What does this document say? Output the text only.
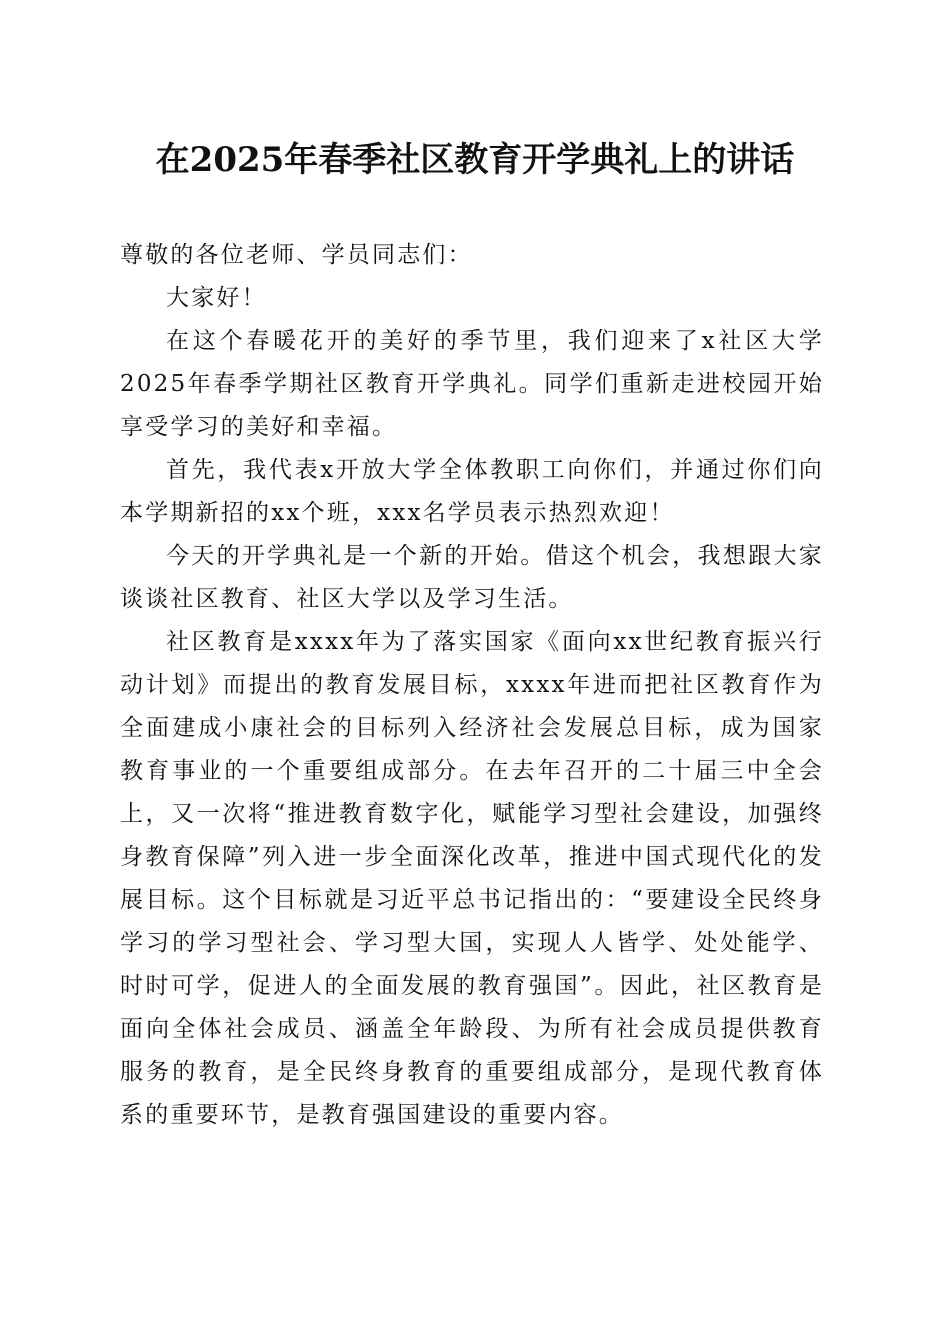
在2025年春季社区教育开学典礼上的讲话

尊敬的各位老师、学员同志们：

大家好！

在这个春暖花开的美好的季节里，我们迎来了x社区大学2025年春季学期社区教育开学典礼。同学们重新走进校园开始享受学习的美好和幸福。

首先，我代表x开放大学全体教职工向你们，并通过你们向本学期新招的xx个班，xxx名学员表示热烈欢迎！

今天的开学典礼是一个新的开始。借这个机会，我想跟大家谈谈社区教育、社区大学以及学习生活。

社区教育是xxxx年为了落实国家《面向xx世纪教育振兴行动计划》而提出的教育发展目标，xxxx年进而把社区教育作为全面建成小康社会的目标列入经济社会发展总目标，成为国家教育事业的一个重要组成部分。在去年召开的二十届三中全会上，又一次将“推进教育数字化，赋能学习型社会建设，加强终身教育保障”列入进一步全面深化改革，推进中国式现代化的发展目标。这个目标就是习近平总书记指出的：“要建设全民终身学习的学习型社会、学习型大国，实现人人皆学、处处能学、时时可学，促进人的全面发展的教育强国”。因此，社区教育是面向全体社会成员、涵盖全年龄段、为所有社会成员提供教育服务的教育，是全民终身教育的重要组成部分，是现代教育体系的重要环节，是教育强国建设的重要内容。
